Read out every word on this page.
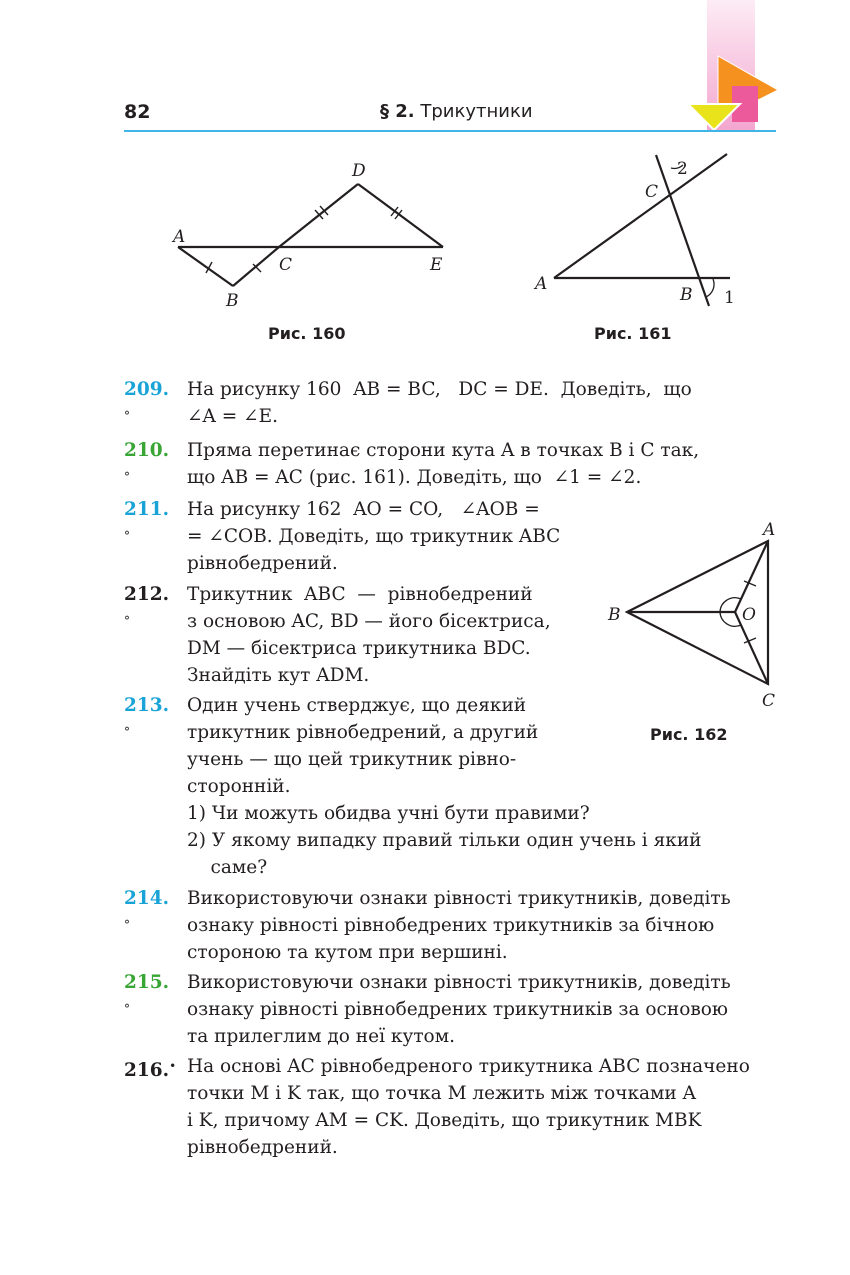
82	§ 2. Трикутники
A
B
C
D
E
C
2
A
B 1
A
B
C
O
Рис. 160	Рис. 161
Рис. 162
209.°
На рисунку 160  AB = BC,   DC = DE.  Доведіть,  що
∠A = ∠E.
210.°
Пряма перетинає сторони кута A в точках B і C так,
що AB = AC (рис. 161). Доведіть, що  ∠1 = ∠2.
211.°
На рисунку 162  AO = CO,   ∠AOB =
= ∠COB. Доведіть, що трикутник ABC
рівнобедрений.
212.°
Трикутник  ABC  —  рівнобедрений
з основою AC, BD — його бісектриса,
DM — бісектриса трикутника BDC.
Знайдіть кут ADM.
213.°
Один учень стверджує, що деякий
трикутник рівнобедрений, а другий
учень — що цей трикутник рівно-
сторонній.
1) Чи можуть обидва учні бути правими?
2) У якому випадку правий тільки один учень і який
саме?
214.°
Використовуючи ознаки рівності трикутників, доведіть
ознаку рівності рівнобедрених трикутників за бічною
стороною та кутом при вершині.
215.°
Використовуючи ознаки рівності трикутників, доведіть
ознаку рівності рівнобедрених трикутників за основою
та прилеглим до неї кутом.
216.• На основі AC рівнобедреного трикутника ABC позначено
точки M і K так, що точка M лежить між точками A
і K, причому AM = CK. Доведіть, що трикутник MBK
рівнобедрений.
